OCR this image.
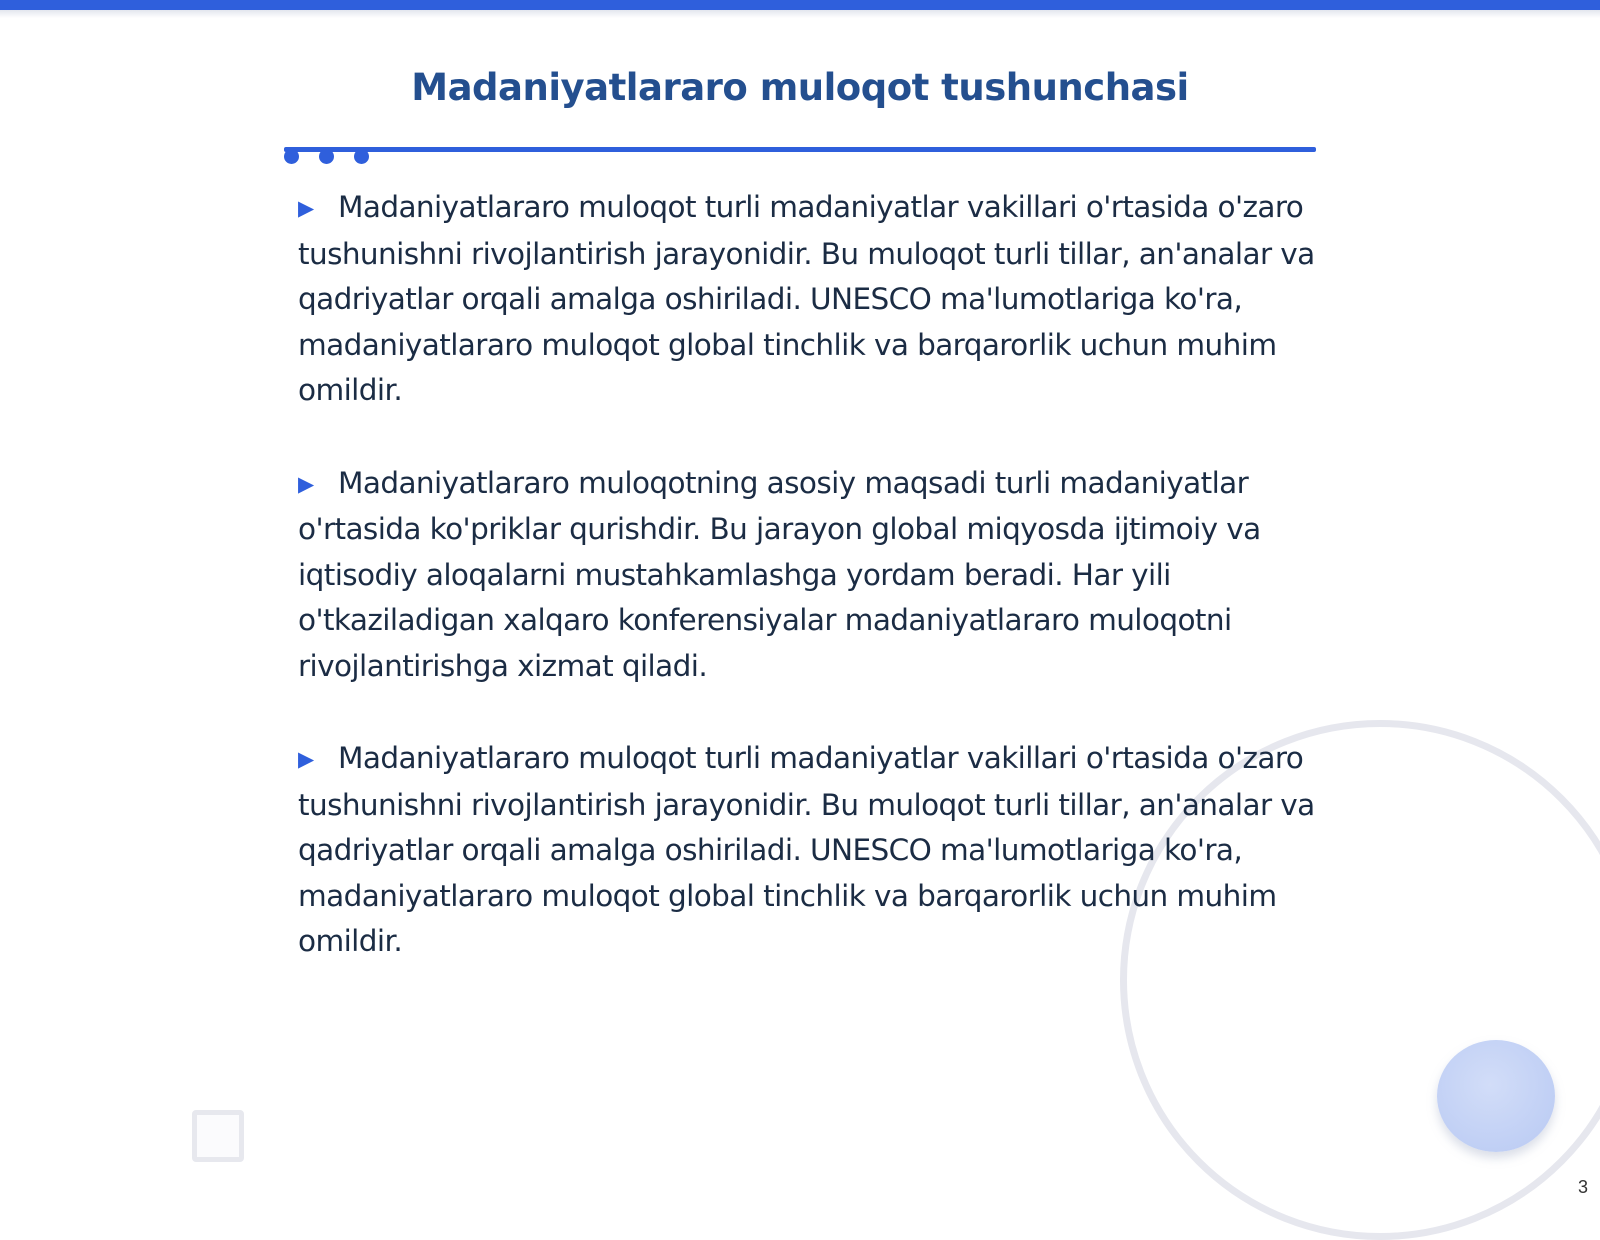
Madaniyatlararo muloqot tushunchasi

▶ Madaniyatlararo muloqot turli madaniyatlar vakillari o'rtasida o'zaro tushunishni rivojlantirish jarayonidir. Bu muloqot turli tillar, an'analar va qadriyatlar orqali amalga oshiriladi. UNESCO ma'lumotlariga ko'ra, madaniyatlararo muloqot global tinchlik va barqarorlik uchun muhim omildir.

▶ Madaniyatlararo muloqotning asosiy maqsadi turli madaniyatlar o'rtasida ko'priklar qurishdir. Bu jarayon global miqyosda ijtimoiy va iqtisodiy aloqalarni mustahkamlashga yordam beradi. Har yili o'tkaziladigan xalqaro konferensiyalar madaniyatlararo muloqotni rivojlantirishga xizmat qiladi.

▶ Madaniyatlararo muloqot turli madaniyatlar vakillari o'rtasida o'zaro tushunishni rivojlantirish jarayonidir. Bu muloqot turli tillar, an'analar va qadriyatlar orqali amalga oshiriladi. UNESCO ma'lumotlariga ko'ra, madaniyatlararo muloqot global tinchlik va barqarorlik uchun muhim omildir.

3
